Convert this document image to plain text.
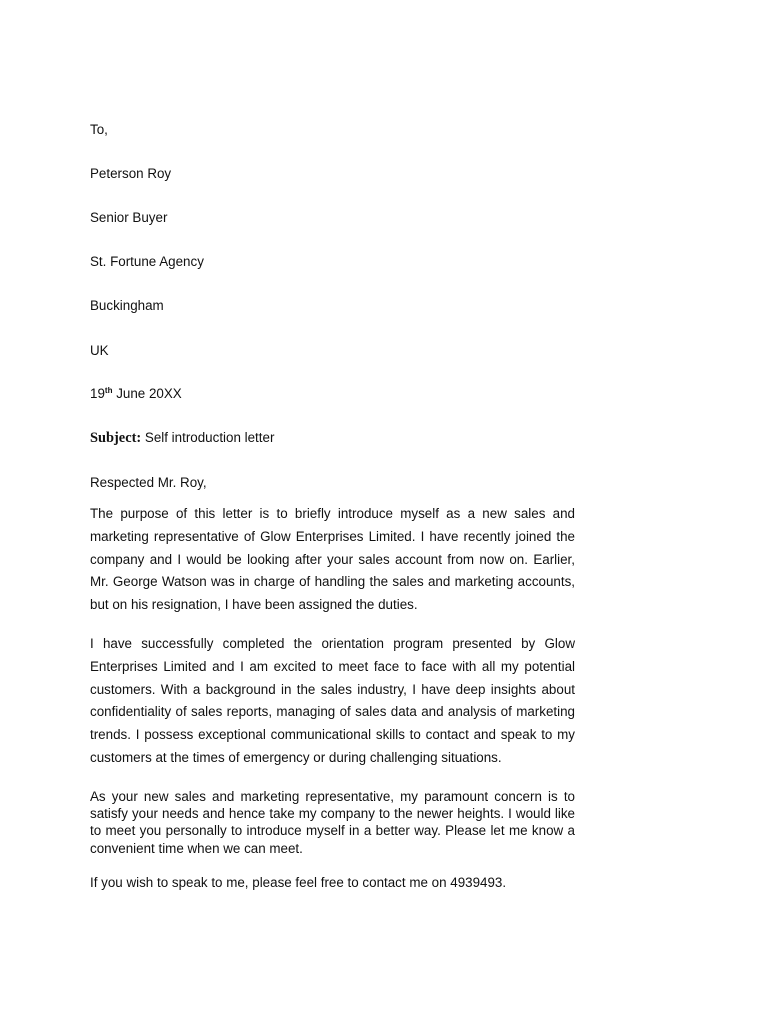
To,
Peterson Roy
Senior Buyer
St. Fortune Agency
Buckingham
UK
19th June 20XX
Subject: Self introduction letter
Respected Mr. Roy,

The purpose of this letter is to briefly introduce myself as a new sales and marketing representative of Glow Enterprises Limited. I have recently joined the company and I would be looking after your sales account from now on. Earlier, Mr. George Watson was in charge of handling the sales and marketing accounts, but on his resignation, I have been assigned the duties.

I have successfully completed the orientation program presented by Glow Enterprises Limited and I am excited to meet face to face with all my potential customers. With a background in the sales industry, I have deep insights about confidentiality of sales reports, managing of sales data and analysis of marketing trends. I possess exceptional communicational skills to contact and speak to my customers at the times of emergency or during challenging situations.

As your new sales and marketing representative, my paramount concern is to satisfy your needs and hence take my company to the newer heights. I would like to meet you personally to introduce myself in a better way. Please let me know a convenient time when we can meet.

If you wish to speak to me, please feel free to contact me on 4939493.
